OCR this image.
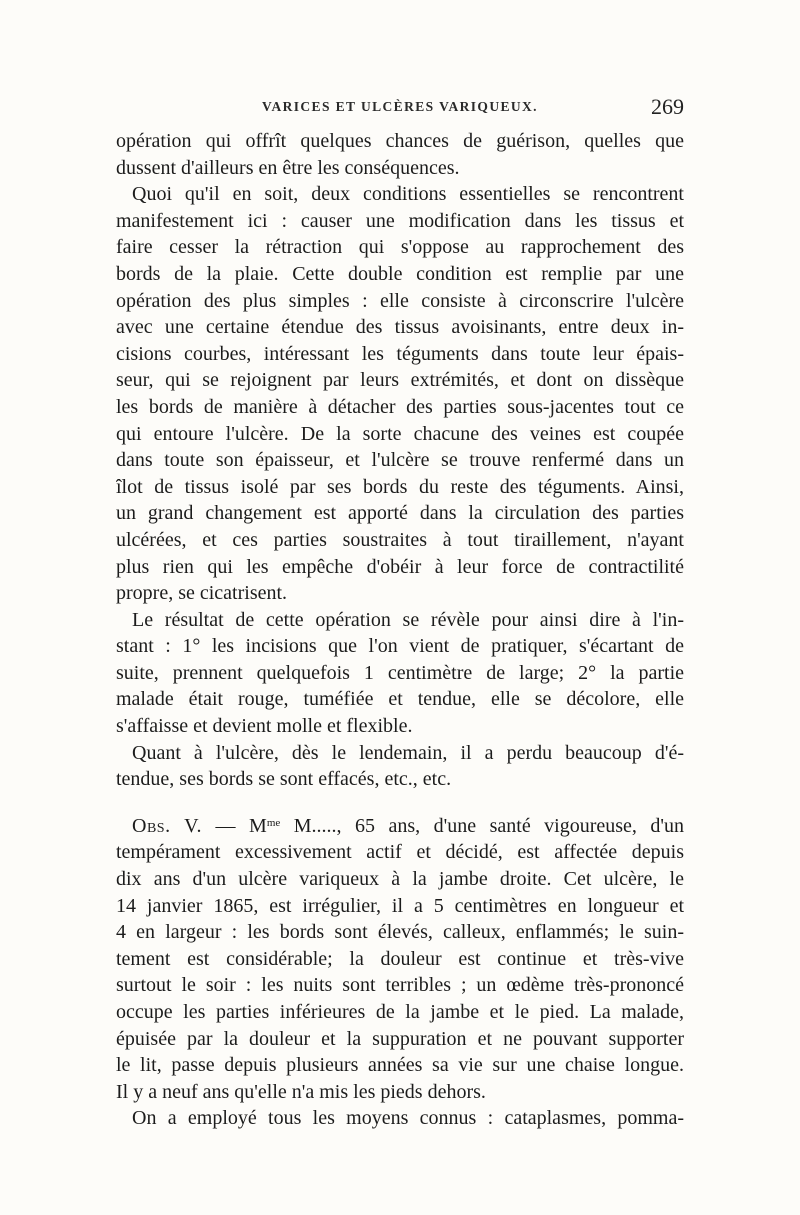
VARICES ET ULCÈRES VARIQUEUX.	269
opération qui offrît quelques chances de guérison, quelles que
dussent d'ailleurs en être les conséquences.
Quoi qu'il en soit, deux conditions essentielles se rencontrent
manifestement ici : causer une modification dans les tissus et
faire cesser la rétraction qui s'oppose au rapprochement des
bords de la plaie. Cette double condition est remplie par une
opération des plus simples : elle consiste à circonscrire l'ulcère
avec une certaine étendue des tissus avoisinants, entre deux in-
cisions courbes, intéressant les téguments dans toute leur épais-
seur, qui se rejoignent par leurs extrémités, et dont on dissèque
les bords de manière à détacher des parties sous-jacentes tout ce
qui entoure l'ulcère. De la sorte chacune des veines est coupée
dans toute son épaisseur, et l'ulcère se trouve renfermé dans un
îlot de tissus isolé par ses bords du reste des téguments. Ainsi,
un grand changement est apporté dans la circulation des parties
ulcérées, et ces parties soustraites à tout tiraillement, n'ayant
plus rien qui les empêche d'obéir à leur force de contractilité
propre, se cicatrisent.
Le résultat de cette opération se révèle pour ainsi dire à l'in-
stant : 1° les incisions que l'on vient de pratiquer, s'écartant de
suite, prennent quelquefois 1 centimètre de large; 2° la partie
malade était rouge, tuméfiée et tendue, elle se décolore, elle
s'affaisse et devient molle et flexible.
Quant à l'ulcère, dès le lendemain, il a perdu beaucoup d'é-
tendue, ses bords se sont effacés, etc., etc.
Obs. V. — $M^{me}$ M....., 65 ans, d'une santé vigoureuse, d'un
tempérament excessivement actif et décidé, est affectée depuis
dix ans d'un ulcère variqueux à la jambe droite. Cet ulcère, le
14 janvier 1865, est irrégulier, il a 5 centimètres en longueur et
4 en largeur : les bords sont élevés, calleux, enflammés; le suin-
tement est considérable; la douleur est continue et très-vive
surtout le soir : les nuits sont terribles ; un œdème très-prononcé
occupe les parties inférieures de la jambe et le pied. La malade,
épuisée par la douleur et la suppuration et ne pouvant supporter
le lit, passe depuis plusieurs années sa vie sur une chaise longue.
Il y a neuf ans qu'elle n'a mis les pieds dehors.
On a employé tous les moyens connus : cataplasmes, pomma-
